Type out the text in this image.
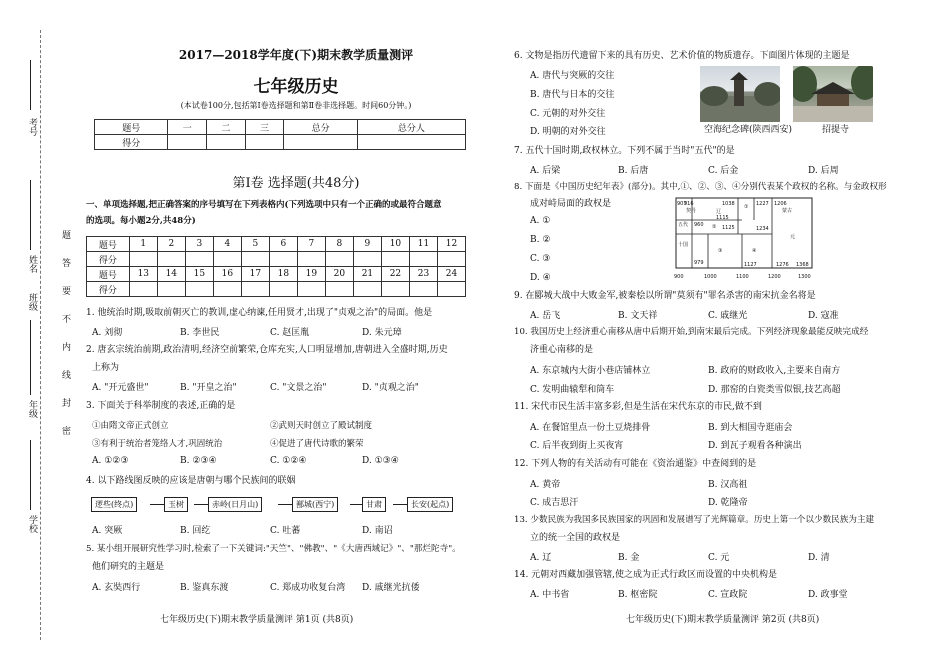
考号
姓名
班级
年级
学校
题
答
要
不
内
线
封
密
2017—2018学年度(下)期末教学质量测评
七年级历史
(本试卷100分,包括第Ⅰ卷选择题和第Ⅱ卷非选择题。时间60分钟。)
题号	一	二	三	总分	总分人
得分					
第Ⅰ卷 选择题(共48分)
一、单项选择题,把正确答案的序号填写在下列表格内(下列选项中只有一个正确的或最符合题意
的选项。每小题2分,共48分)
题号	1	2	3	4	5	6	7	8	9	10	11	12
得分												
题号	13	14	15	16	17	18	19	20	21	22	23	24
得分												
1. 他统治时期,吸取前朝灭亡的教训,虚心纳谏,任用贤才,出现了"贞观之治"的局面。他是
A. 刘彻	B. 李世民	C. 赵匡胤	D. 朱元璋
2. 唐玄宗统治前期,政治清明,经济空前繁荣,仓库充实,人口明显增加,唐朝进入全盛时期,历史
上称为
A. "开元盛世"	B. "开皇之治"	C. "文景之治"	D. "贞观之治"
3. 下面关于科举制度的表述,正确的是
①由隋文帝正式创立	②武则天时创立了殿试制度
③有利于统治者笼络人才,巩固统治	④促进了唐代诗歌的繁荣
A. ①②③	B. ②③④	C. ①②④	D. ①③④
4. 以下路线图反映的应该是唐朝与哪个民族间的联姻
逻些(终点)	玉树	赤岭(日月山)	鄯城(西宁)	甘肃	长安(起点)
A. 突厥	B. 回纥	C. 吐蕃	D. 南诏
5. 某小组开展研究性学习时,检索了一下关键词:"天竺"、"佛教"、"《大唐西域记》"、"那烂陀寺"。
他们研究的主题是
A. 玄奘西行	B. 鉴真东渡	C. 郑成功收复台湾 D. 戚继光抗倭
七年级历史(下)期末教学质量测评 第1页 (共8页)
6. 文物是指历代遗留下来的具有历史、艺术价值的物质遗存。下面图片体现的主题是
A. 唐代与突厥的交往
B. 唐代与日本的交往
C. 元朝的对外交往
D. 明朝的对外交往	空海纪念碑(陕西西安)	招提寺
7. 五代十国时期,政权林立。下列不属于当时"五代"的是
A. 后梁	B. 后唐	C. 后金	D. 后周
8. 下面是《中国历史纪年表》(部分)。其中,①、②、③、④分别代表某个政权的名称。与金政权形
成对峙局面的政权是
A. ①
B. ②
C. ③
D. ④
907
916
契丹
1038 ① 1227 1206
蒙古
辽
1115
1125
960
五代
十国
979
②
③
1234
④
1127	1276 1368
元
900	1000	1100	1200	1300
9. 在郾城大战中大败金军,被秦桧以所谓"莫须有"罪名杀害的南宋抗金名将是
A. 岳飞	B. 文天祥	C. 戚继光	D. 寇准
10. 我国历史上经济重心南移从唐中后期开始,到南宋最后完成。下列经济现象最能反映完成经
济重心南移的是
A. 东京城内大街小巷店铺林立	B. 政府的财政收入,主要来自南方
C. 发明曲辕犁和筒车	D. 那窑的白瓷类雪似银,技艺高超
11. 宋代市民生活丰富多彩,但是生活在宋代东京的市民,做不到
A. 在餐馆里点一份土豆烧排骨	B. 到大相国寺逛庙会
C. 后半夜到街上买夜宵	D. 到瓦子观看各种演出
12. 下列人物的有关活动有可能在《资治通鉴》中查阅到的是
A. 黄帝	B. 汉高祖
C. 成吉思汗	D. 乾隆帝
13. 少数民族为我国多民族国家的巩固和发展谱写了光辉篇章。历史上第一个以少数民族为主建
立的统一全国的政权是
A. 辽	B. 金	C. 元	D. 清
14. 元朝对西藏加强管辖,使之成为正式行政区而设置的中央机构是
A. 中书省	B. 枢密院	C. 宣政院	D. 政事堂
七年级历史(下)期末教学质量测评 第2页 (共8页)
